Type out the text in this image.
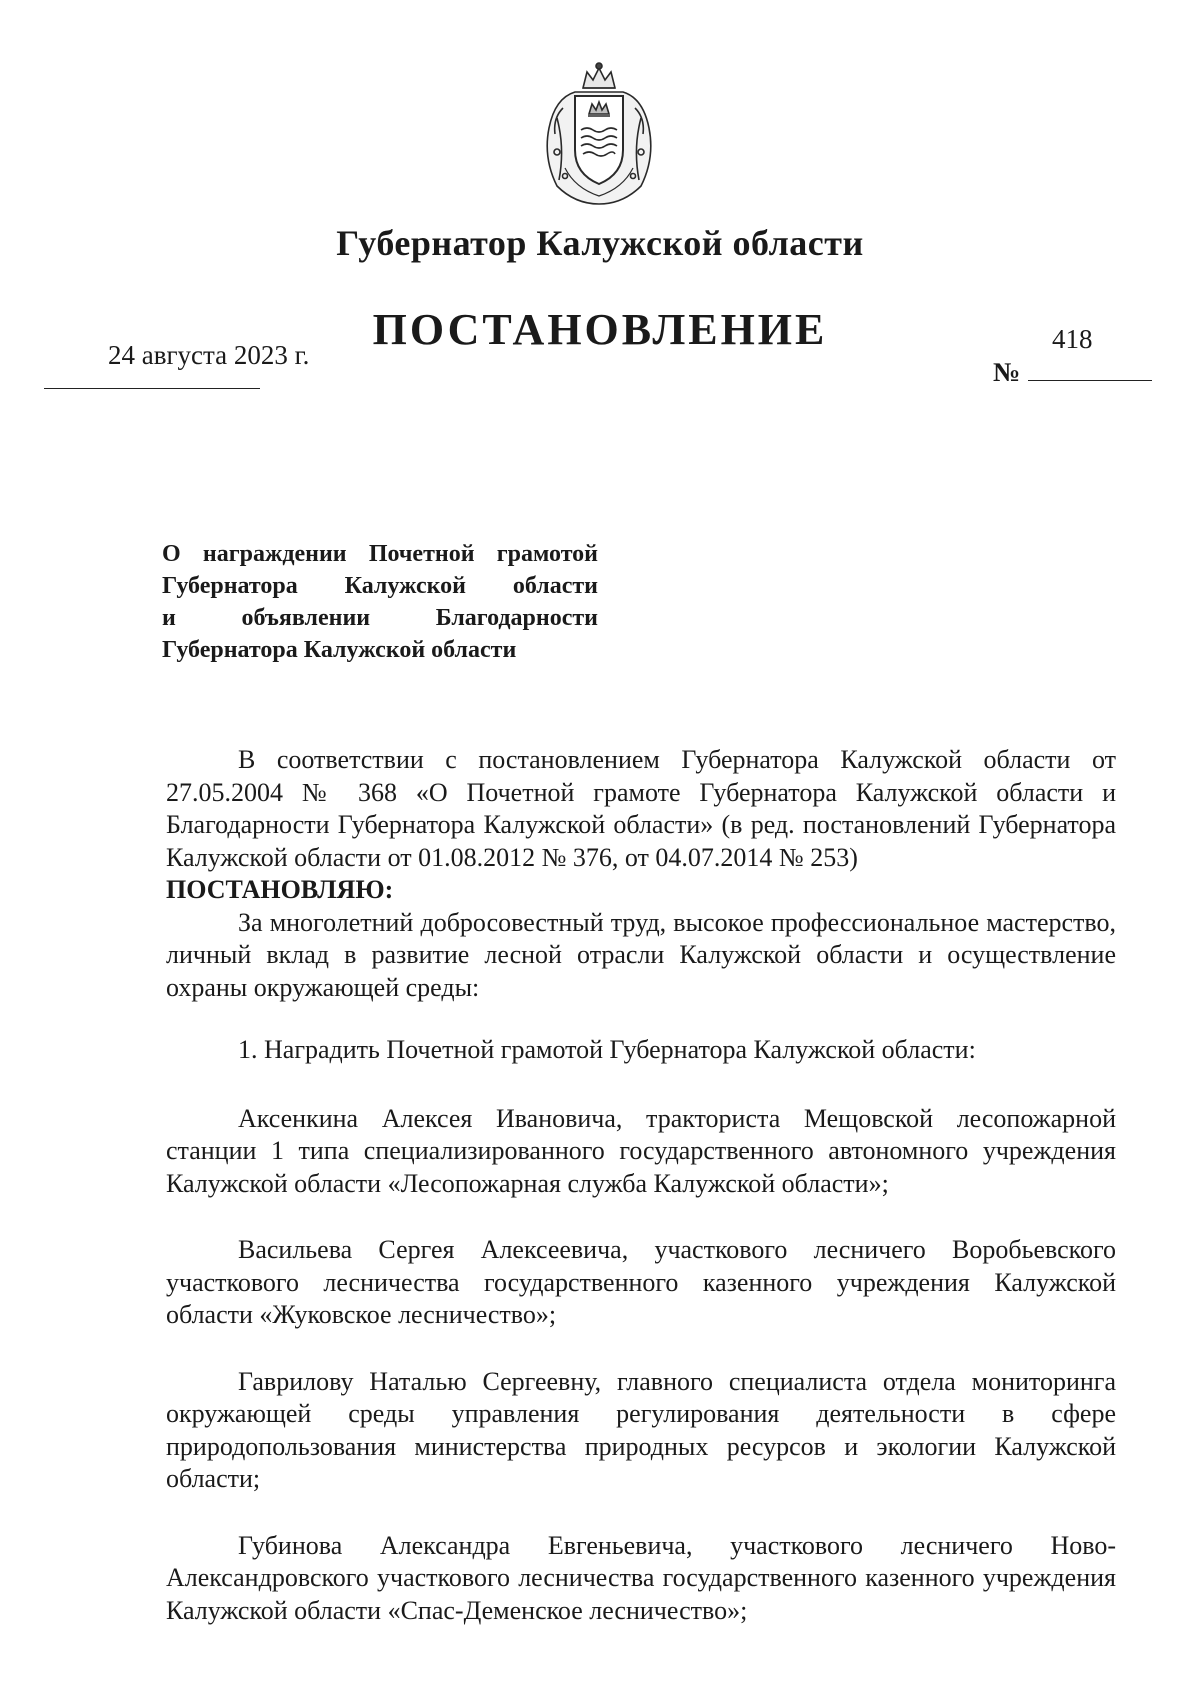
Губернатор Калужской области
ПОСТАНОВЛЕНИЕ
24 августа 2023 г.
418
№
О награждении Почетной грамотой
Губернатора Калужской области
и объявлении Благодарности
Губернатора Калужской области

В соответствии с постановлением Губернатора Калужской области от 27.05.2004 № 368 «О Почетной грамоте Губернатора Калужской области и Благодарности Губернатора Калужской области» (в ред. постановлений Губернатора Калужской области от 01.08.2012 № 376, от 04.07.2014 № 253)

ПОСТАНОВЛЯЮ:

За многолетний добросовестный труд, высокое профессиональное мастерство, личный вклад в развитие лесной отрасли Калужской области и осуществление охраны окружающей среды:

1. Наградить Почетной грамотой Губернатора Калужской области:

Аксенкина Алексея Ивановича, тракториста Мещовской лесопожарной станции 1 типа специализированного государственного автономного учреждения Калужской области «Лесопожарная служба Калужской области»;

Васильева Сергея Алексеевича, участкового лесничего Воробьевского участкового лесничества государственного казенного учреждения Калужской области «Жуковское лесничество»;

Гаврилову Наталью Сергеевну, главного специалиста отдела мониторинга окружающей среды управления регулирования деятельности в сфере природопользования министерства природных ресурсов и экологии Калужской области;

Губинова Александра Евгеньевича, участкового лесничего Ново-Александровского участкового лесничества государственного казенного учреждения Калужской области «Спас-Деменское лесничество»;
